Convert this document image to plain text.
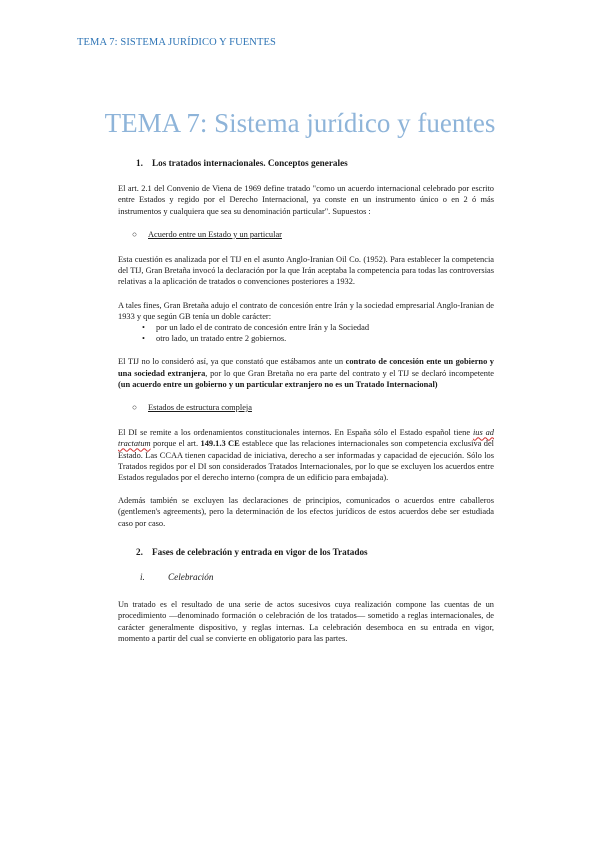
TEMA 7: SISTEMA JURÍDICO Y FUENTES
TEMA 7: Sistema jurídico y fuentes
1. Los tratados internacionales. Conceptos generales

El art. 2.1 del Convenio de Viena de 1969 define tratado "como un acuerdo internacional celebrado por escrito entre Estados y regido por el Derecho Internacional, ya conste en un instrumento único o en 2 ó más instrumentos y cualquiera que sea su denominación particular". Supuestos :

○ Acuerdo entre un Estado y un particular

Esta cuestión es analizada por el TIJ en el asunto Anglo-Iranian Oil Co. (1952). Para establecer la competencia del TIJ, Gran Bretaña invocó la declaración por la que Irán aceptaba la competencia para todas las controversias relativas a la aplicación de tratados o convenciones posteriores a 1932.

A tales fines, Gran Bretaña adujo el contrato de concesión entre Irán y la sociedad empresarial Anglo-Iranian de 1933 y que según GB tenía un doble carácter:

• por un lado el de contrato de concesión entre Irán y la Sociedad
• otro lado, un tratado entre 2 gobiernos.

El TIJ no lo consideró así, ya que constató que estábamos ante un contrato de concesión ente un gobierno y una sociedad extranjera, por lo que Gran Bretaña no era parte del contrato y el TIJ se declaró incompetente (un acuerdo entre un gobierno y un particular extranjero no es un Tratado Internacional)

○ Estados de estructura compleja

El DI se remite a los ordenamientos constitucionales internos. En España sólo el Estado español tiene ius ad tractatum porque el art. 149.1.3 CE establece que las relaciones internacionales son competencia exclusiva del Estado. Las CCAA tienen capacidad de iniciativa, derecho a ser informadas y capacidad de ejecución. Sólo los Tratados regidos por el DI son considerados Tratados Internacionales, por lo que se excluyen los acuerdos entre Estados regulados por el derecho interno (compra de un edificio para embajada).

Además también se excluyen las declaraciones de principios, comunicados o acuerdos entre caballeros (gentlemen's agreements), pero la determinación de los efectos jurídicos de estos acuerdos debe ser estudiada caso por caso.

2. Fases de celebración y entrada en vigor de los Tratados
i.	Celebración

Un tratado es el resultado de una serie de actos sucesivos cuya realización compone las cuentas de un procedimiento —denominado formación o celebración de los tratados— sometido a reglas internacionales, de carácter generalmente dispositivo, y reglas internas. La celebración desemboca en su entrada en vigor, momento a partir del cual se convierte en obligatorio para las partes.
